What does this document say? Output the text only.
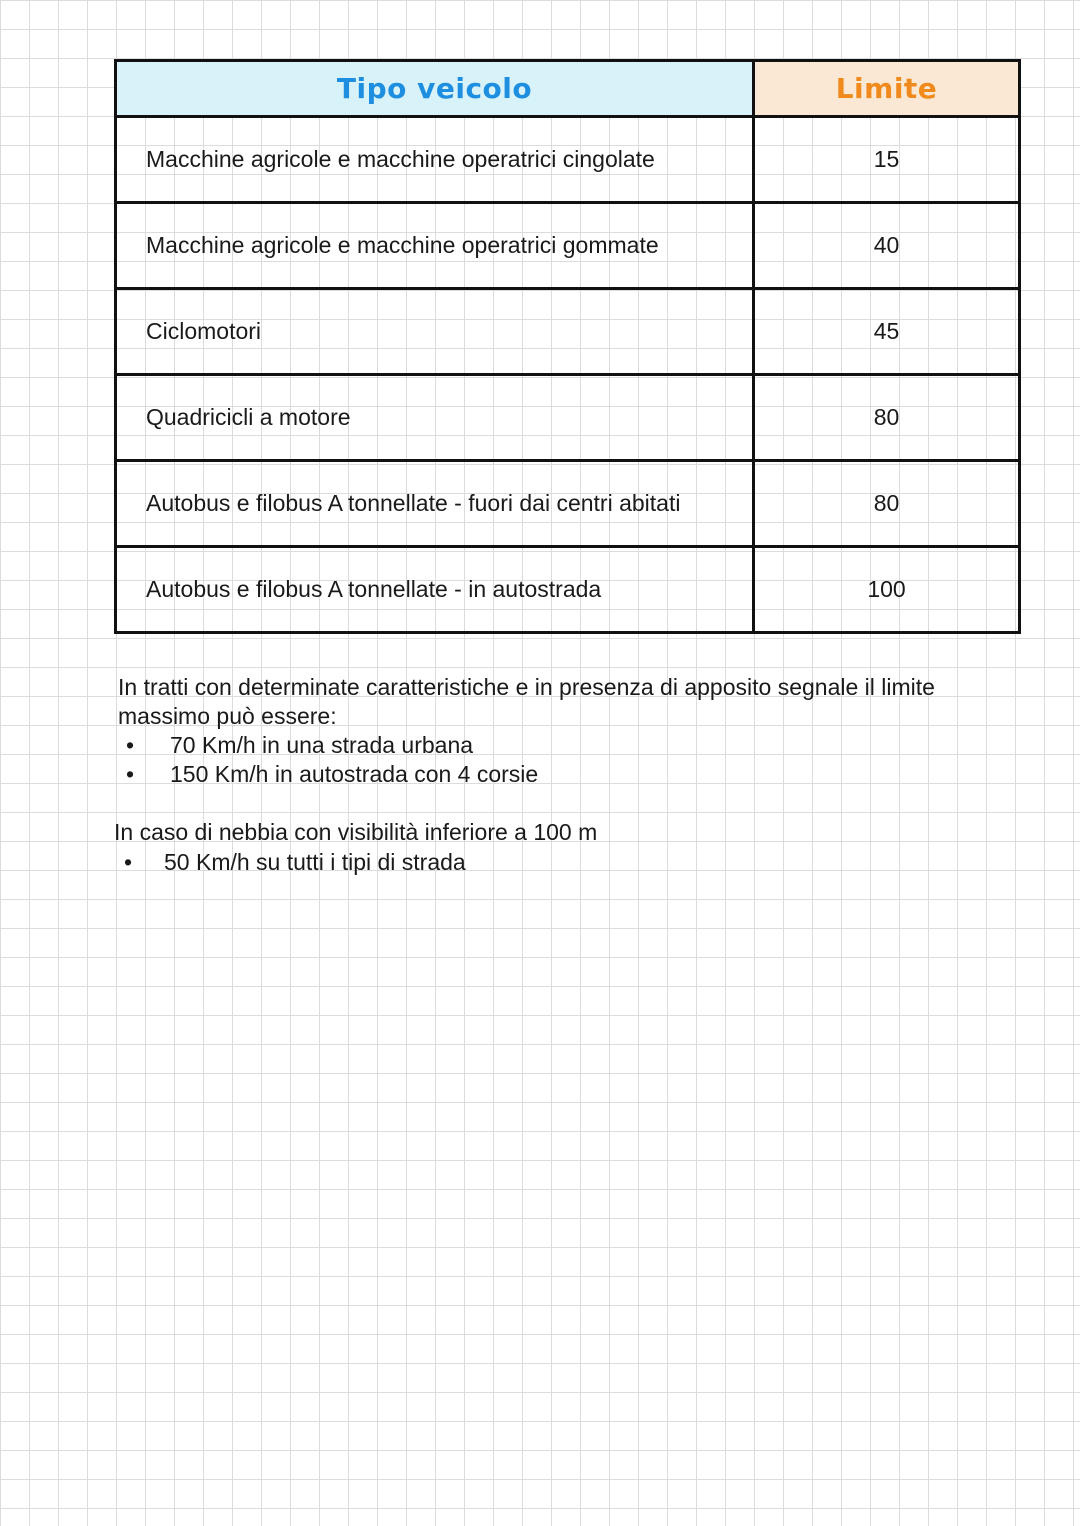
Tipo veicolo	Limite
Macchine agricole e macchine operatrici cingolate	15
Macchine agricole e macchine operatrici gommate	40
Ciclomotori	45
Quadricicli a motore	80
Autobus e filobus A tonnellate - fuori dai centri abitati	80
Autobus e filobus A tonnellate - in autostrada	100

In tratti con determinate caratteristiche e in presenza di apposito segnale il limite massimo può essere:

• 70 Km/h in una strada urbana
• 150 Km/h in autostrada con 4 corsie

In caso di nebbia con visibilità inferiore a 100 m

• 50 Km/h su tutti i tipi di strada
